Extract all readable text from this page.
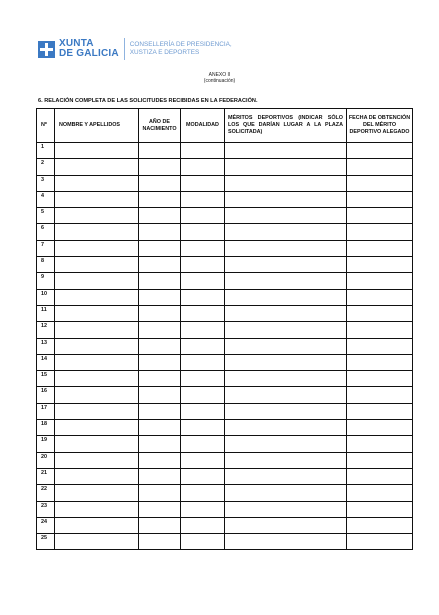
XUNTA
DE GALICIA
CONSELLERÍA DE PRESIDENCIA,
XUSTIZA E DEPORTES
ANEXO II
(continuación)
6. RELACIÓN COMPLETA DE LAS SOLICITUDES RECIBIDAS EN LA FEDERACIÓN.
Nº	NOMBRE Y APELLIDOS	AÑO DE NACIMIENTO	MODALIDAD	MÉRITOS DEPORTIVOS (INDICAR SÓLO LOS QUE DARÍAN LUGAR A LA PLAZA SOLICITADA)	FECHA DE OBTENCIÓN DEL MÉRITO DEPORTIVO ALEGADO
1					
2					
3					
4					
5					
6					
7					
8					
9					
10					
11					
12					
13					
14					
15					
16					
17					
18					
19					
20					
21					
22					
23					
24					
25					
